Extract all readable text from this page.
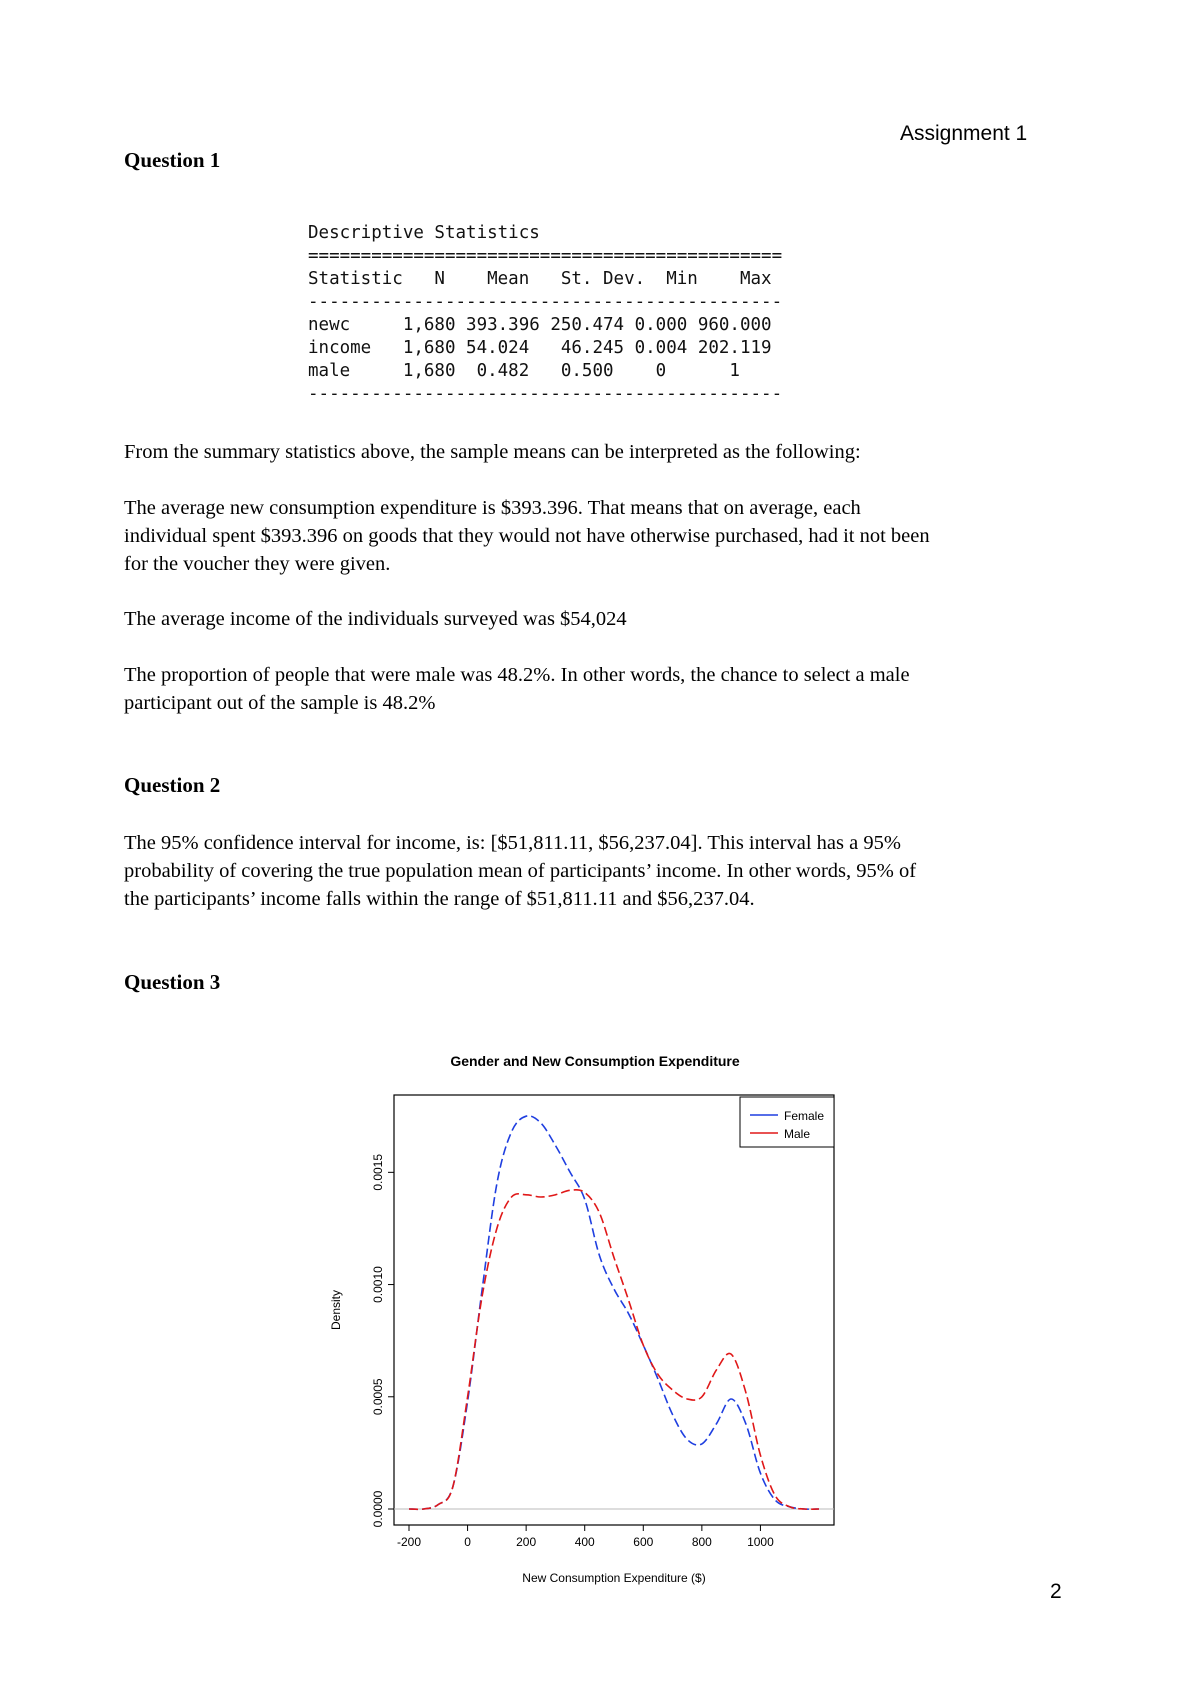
Assignment 1
Question 1
Descriptive Statistics
=============================================
Statistic   N    Mean   St. Dev.  Min    Max
---------------------------------------------
newc     1,680 393.396 250.474 0.000 960.000
income   1,680 54.024   46.245 0.004 202.119
male     1,680  0.482   0.500    0      1
---------------------------------------------
From the summary statistics above, the sample means can be interpreted as the following:
The average new consumption expenditure is $393.396. That means that on average, each
individual spent $393.396 on goods that they would not have otherwise purchased, had it not been
for the voucher they were given.
The average income of the individuals surveyed was $54,024
The proportion of people that were male was 48.2%. In other words, the chance to select a male
participant out of the sample is 48.2%
Question 2
The 95% confidence interval for income, is: [$51,811.11, $56,237.04]. This interval has a 95%
probability of covering the true population mean of participants’ income. In other words, 95% of
the participants’ income falls within the range of $51,811.11 and $56,237.04.
Question 3
Gender and New Consumption Expenditure
-200	0	200	400	600	800	1000
0.0000
0.0005
0.0010
0.0015
Female
Male
New Consumption Expenditure ($)
Density
2
